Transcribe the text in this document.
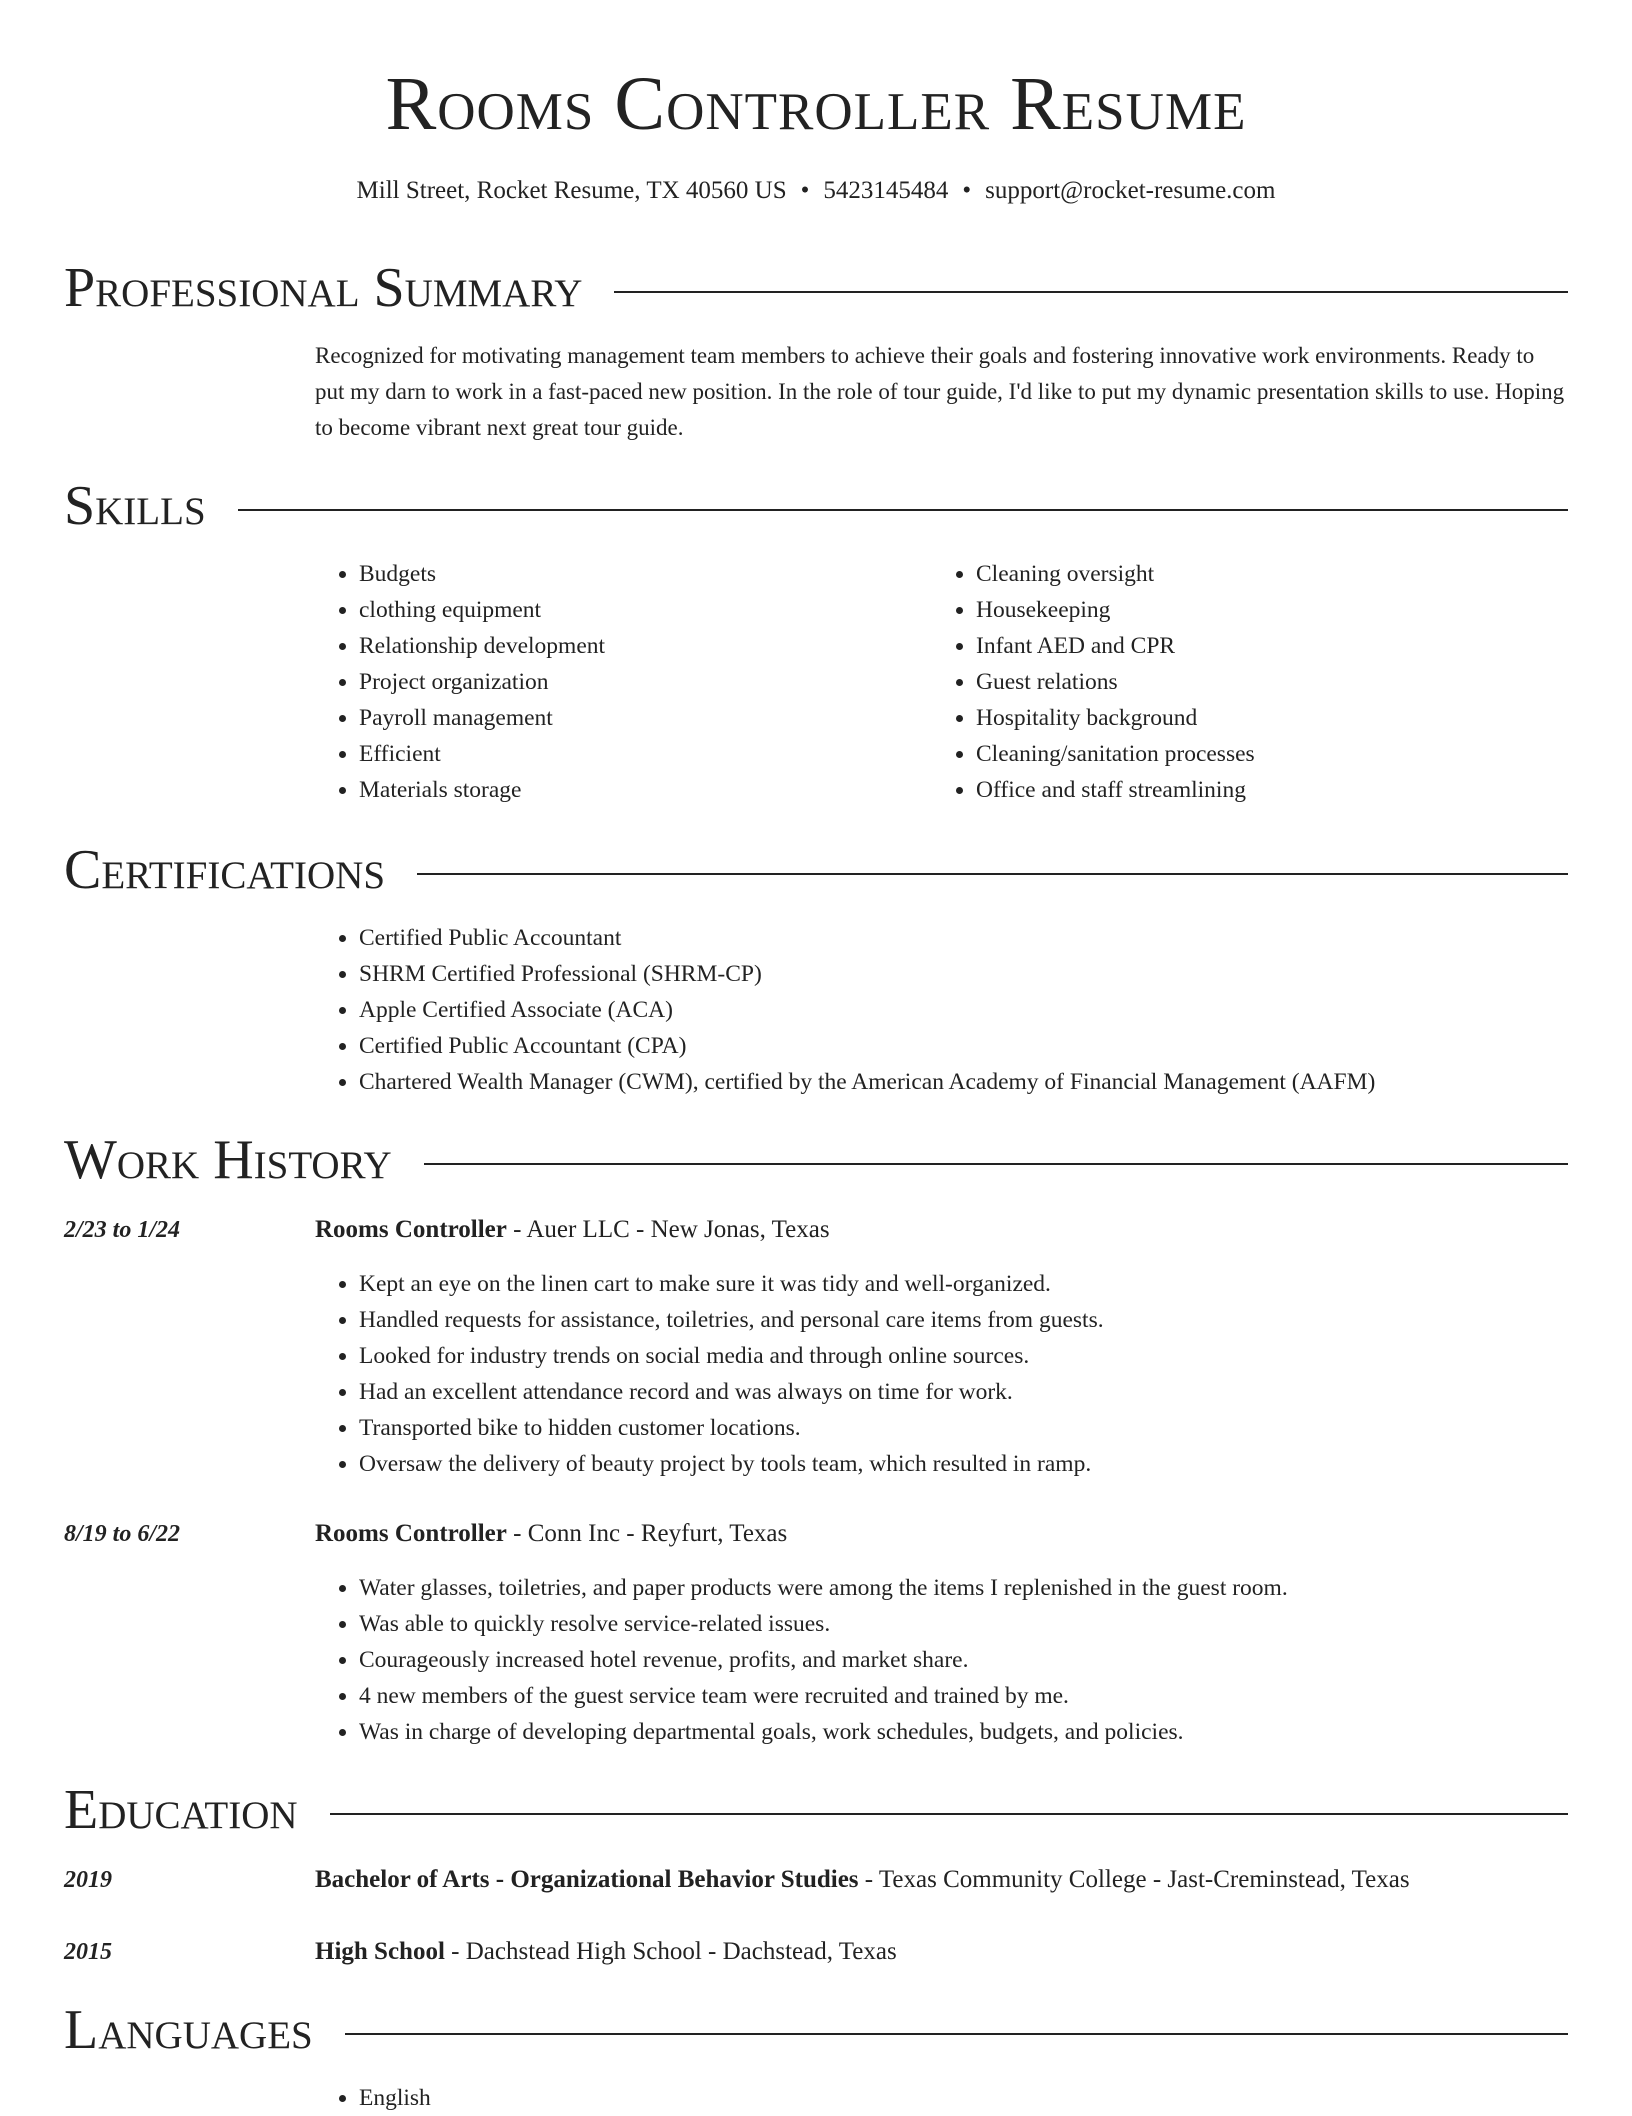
Rooms Controller Resume
Mill Street, Rocket Resume, TX 40560 US • 5423145484 • support@rocket-resume.com
Professional Summary

Recognized for motivating management team members to achieve their goals and fostering innovative work environments. Ready to put my darn to work in a fast-paced new position. In the role of tour guide, I'd like to put my dynamic presentation skills to use. Hoping to become vibrant next great tour guide.

Skills
• Budgets
• clothing equipment
• Relationship development
• Project organization
• Payroll management
• Efficient
• Materials storage
• Cleaning oversight
• Housekeeping
• Infant AED and CPR
• Guest relations
• Hospitality background
• Cleaning/sanitation processes
• Office and staff streamlining
Certifications
• Certified Public Accountant
• SHRM Certified Professional (SHRM-CP)
• Apple Certified Associate (ACA)
• Certified Public Accountant (CPA)
• Chartered Wealth Manager (CWM), certified by the American Academy of Financial Management (AAFM)
Work History
2/23 to 1/24	Rooms Controller - Auer LLC - New Jonas, Texas
• Kept an eye on the linen cart to make sure it was tidy and well-organized.
• Handled requests for assistance, toiletries, and personal care items from guests.
• Looked for industry trends on social media and through online sources.
• Had an excellent attendance record and was always on time for work.
• Transported bike to hidden customer locations.
• Oversaw the delivery of beauty project by tools team, which resulted in ramp.
8/19 to 6/22	Rooms Controller - Conn Inc - Reyfurt, Texas
• Water glasses, toiletries, and paper products were among the items I replenished in the guest room.
• Was able to quickly resolve service-related issues.
• Courageously increased hotel revenue, profits, and market share.
• 4 new members of the guest service team were recruited and trained by me.
• Was in charge of developing departmental goals, work schedules, budgets, and policies.
Education
2019	Bachelor of Arts - Organizational Behavior Studies - Texas Community College - Jast-Creminstead, Texas
2015	High School - Dachstead High School - Dachstead, Texas
Languages
• English
